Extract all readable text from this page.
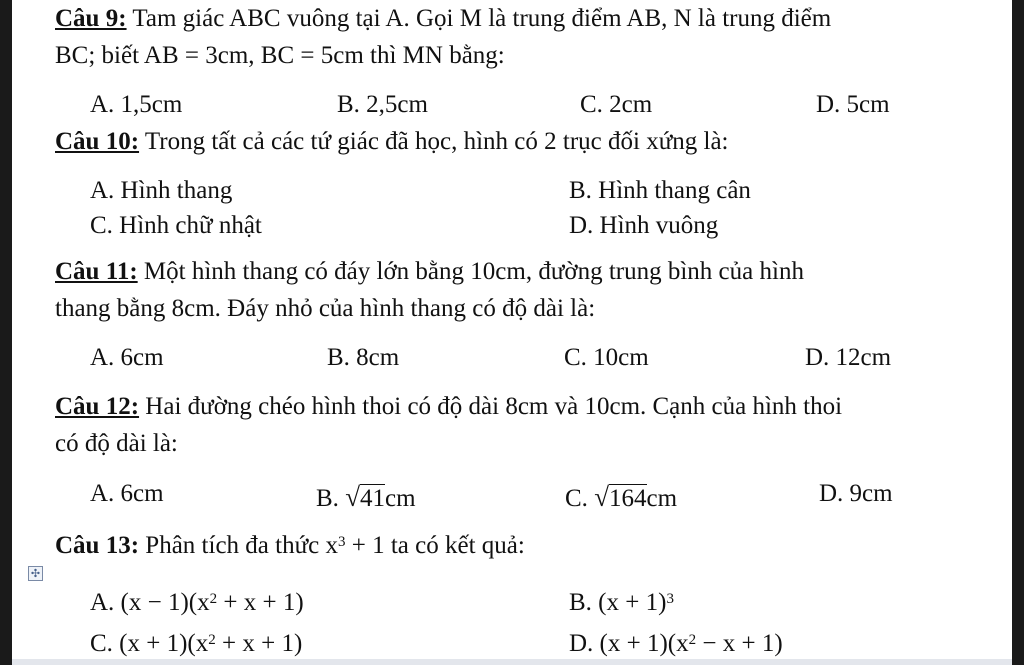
Câu 9: Tam giác ABC vuông tại A. Gọi M là trung điểm AB, N là trung điểm
BC; biết AB = 3cm, BC = 5cm thì MN bằng:
A. 1,5cm	B. 2,5cm	C. 2cm	D. 5cm
Câu 10: Trong tất cả các tứ giác đã học, hình có 2 trục đối xứng là:
A. Hình thang	B. Hình thang cân
C. Hình chữ nhật	D. Hình vuông
Câu 11: Một hình thang có đáy lớn bằng 10cm, đường trung bình của hình
thang bằng 8cm. Đáy nhỏ của hình thang có độ dài là:
A. 6cm	B. 8cm	C. 10cm	D. 12cm
Câu 12: Hai đường chéo hình thoi có độ dài 8cm và 10cm. Cạnh của hình thoi
có độ dài là:
A. 6cm	B. √41cm	C. √164cm	D. 9cm
Câu 13: Phân tích đa thức $x^3 + 1$ ta có kết quả:
✣
A. $(x - 1)(x^2 + x + 1)$	B. $(x + 1)^3$
C. $(x + 1)(x^2 + x + 1)$	D. $(x + 1)(x^2 - x + 1)$
